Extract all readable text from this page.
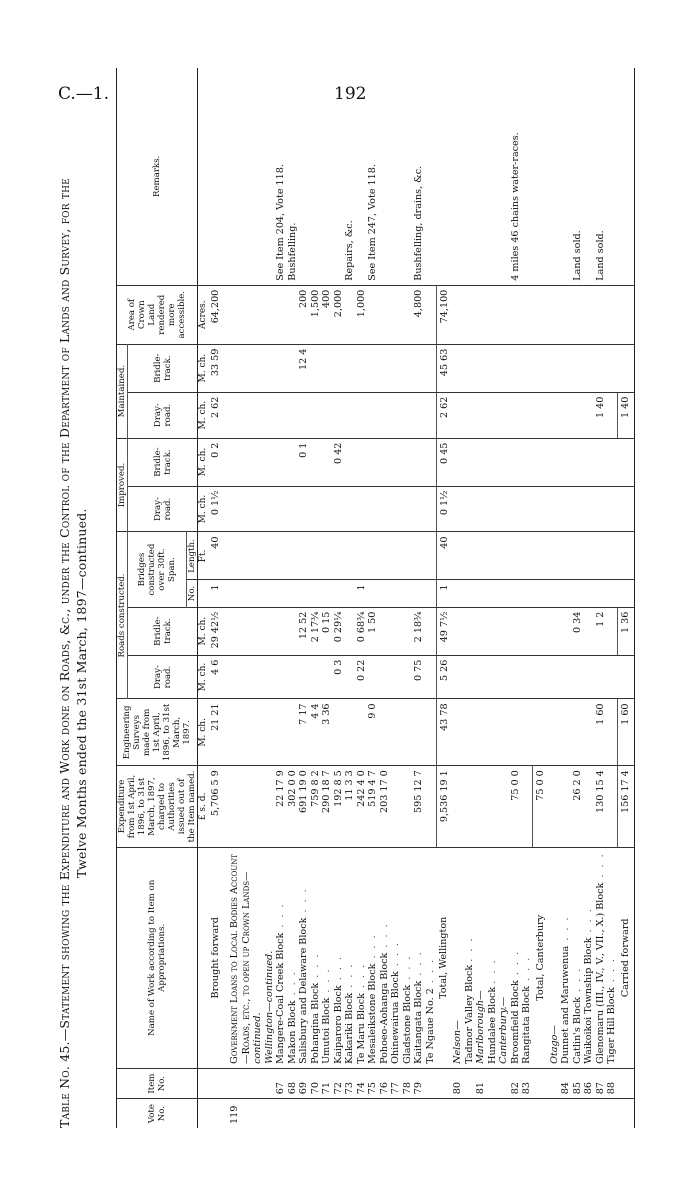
C.—1.	192
Table No. 45.—Statement showing the Expenditure and Work done on Roads, &c., under the Control of the Department of Lands and Survey, for the Twelve Months ended the 31st March, 1897—continued.
Vote No.	Item No.	Name of Work according to Item on Appropriations.	Expenditure from 1st April, 1896, to 31st March, 1897, charged to Authorities issued out of the Item named.	Engineering Surveys made from 1st April, 1896, to 31st March, 1897.	Roads constructed.				Improved.		Maintained.		Area of Crown Land rendered more accessible.	Remarks.
					Dray-road.	Bridle-track.	Bridges constructed over 30ft. Span.		Dray-road.	Bridle-track.	Dray-road.	Bridle-track.		
							No.	Length.						
			£ s. d.	M. ch.	M. ch.	M. ch.		Ft.	M. ch.	M. ch.	M. ch.	M. ch.	Acres.	
		Brought forward	5,706 5 9	21 21	4 6	29 42½	1	40	0 1½	0 2	2 62	33 59	64,200	

119		Government Loans to Local Bodies Account —Roads, etc., to open up Crown Lands— continued.
Wellington—continued.												
	67	Mangere-Coal Creek Block . . .	22 17 9											See Item 204, Vote 118.
	68	Makon Block . . .	302 0 0											Bushfelling.
	69	Salisbury and Delaware Block . . .	691 19 0	7 17		12 52				0 1		12 4	200	
	70	Pohangina Block . . .	759 8 2	4 4		2 17¾							1,500	
	71	Umutoi Block . . .	290 18 7	3 36		0 15							400	
	72	Kaiparoro Block . . .	192 8 5		0 3	0 29¼				0 42			2,000	
	73	Kakariki Block . . .	11 3 3											Repairs, &c.
	74	Te Maru Block . . .	242 4 0		0 22	0 68¾	1						1,000	
	75	Mesaleikstone Block . . .	519 4 7	9 0		1 50								See Item 247, Vote 118.
	76	Pohoeo-Aohanga Block . . .	203 17 0											
	77	Ohinewairua Block . . .												
	78	Gladstone Block . . .												
	79	Kaitangata Block . . .	595 12 7		0 75	2 18¾							4,800	Bushfelling, drains, &c.
		Te Ngaue No. 2 . . .												
		Total, Wellington	9,536 19 1	43 78	5 26	49 7½	1	40	0 1½	0 45	2 62	45 63	74,100	
	80	Nelson—
Tadmor Valley Block . . .												
	81	Marlborough—
Hundalee Block . . .												
		Canterbury.—												
	82	Broomfield Block . . .	75 0 0											4 miles 46 chains water-races.
	83	Rangitata Block . . .												
		Total, Canterbury	75 0 0											
		Otago—												
	84	Dunnet and Maruwenua . . .												
	85	Catlin's Block . . .	26 2 0			0 34								Land sold.
	86	Waikoikoi Township Block . . .												
	87	Glenomaru (III., IV., V., VII., X.) Block . . .	130 15 4	1 60		1 2					1 40			Land sold.
	88	Tiger Hill Block . . .												
		Carried forward	156 17 4	1 60		1 36					1 40			
